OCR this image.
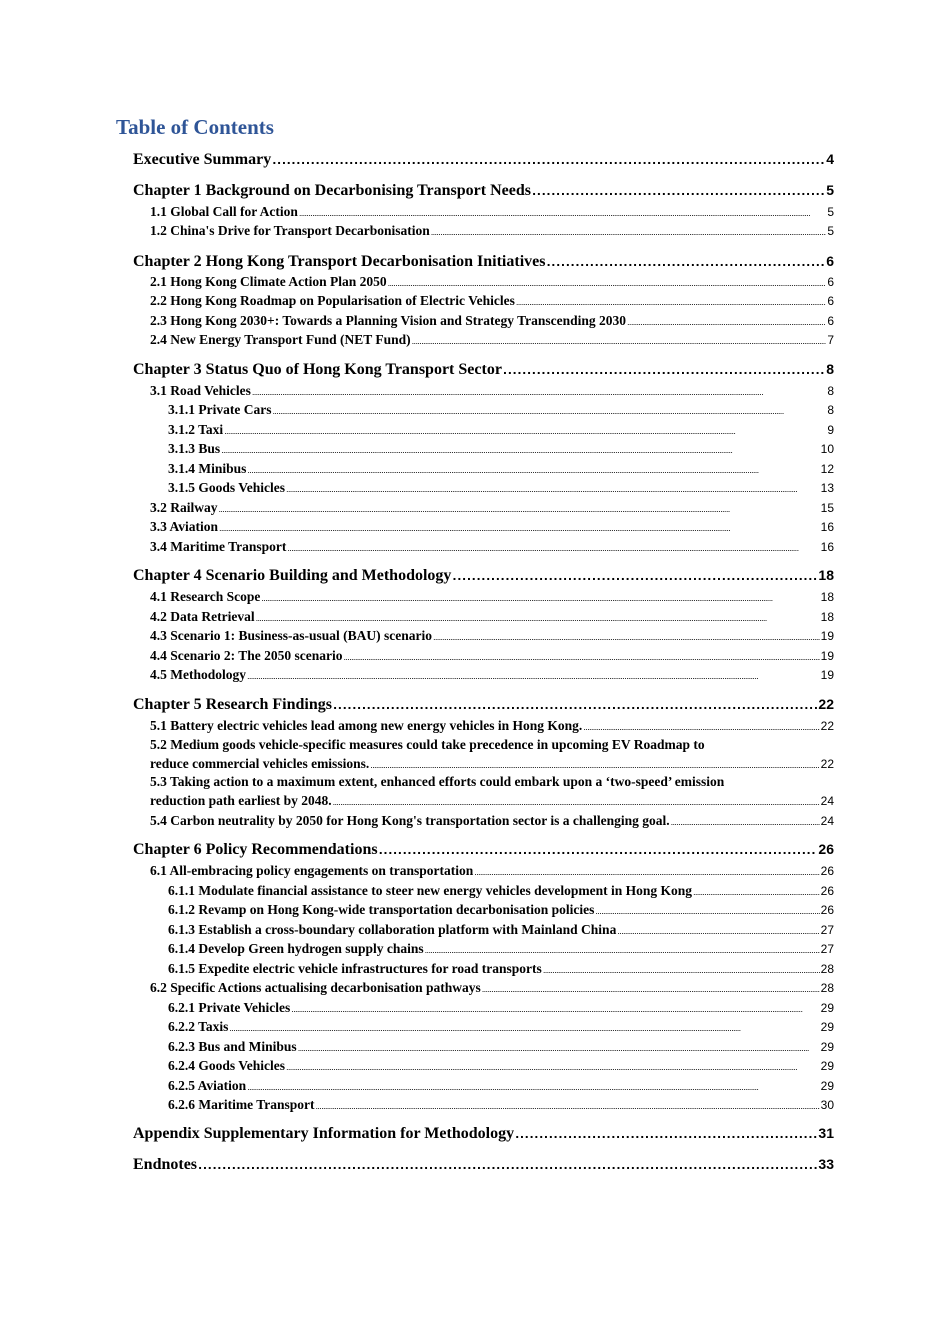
Table of Contents
Executive Summary . . .	4
Chapter 1 Background on Decarbonising Transport Needs . . .	5
1.1 Global Call for Action . . .	5
1.2 China's Drive for Transport Decarbonisation . . .	5
Chapter 2 Hong Kong Transport Decarbonisation Initiatives . . .	6
2.1 Hong Kong Climate Action Plan 2050 . . .	6
2.2 Hong Kong Roadmap on Popularisation of Electric Vehicles . . .	6
2.3 Hong Kong 2030+: Towards a Planning Vision and Strategy Transcending 2030 . . .	6
2.4 New Energy Transport Fund (NET Fund) . . .	7
Chapter 3 Status Quo of Hong Kong Transport Sector . . .	8
3.1 Road Vehicles . . .	8
3.1.1 Private Cars . . .	8
3.1.2 Taxi . . .	9
3.1.3 Bus . . .	10
3.1.4 Minibus . . .	12
3.1.5 Goods Vehicles . . .	13
3.2 Railway . . .	15
3.3 Aviation . . .	16
3.4 Maritime Transport . . .	16
Chapter 4 Scenario Building and Methodology . . .	18
4.1 Research Scope . . .	18
4.2 Data Retrieval . . .	18
4.3 Scenario 1: Business-as-usual (BAU) scenario . . .	19
4.4 Scenario 2: The 2050 scenario . . .	19
4.5 Methodology . . .	19
Chapter 5 Research Findings . . .	22
5.1 Battery electric vehicles lead among new energy vehicles in Hong Kong. . . .	22
5.2 Medium goods vehicle-specific measures could take precedence in upcoming EV Roadmap to
reduce commercial vehicles emissions. . . .	22
5.3 Taking action to a maximum extent, enhanced efforts could embark upon a ‘two-speed’ emission
reduction path earliest by 2048. . . .	24
5.4 Carbon neutrality by 2050 for Hong Kong's transportation sector is a challenging goal. . . .	24
Chapter 6 Policy Recommendations . . .	26
6.1 All-embracing policy engagements on transportation . . .	26
6.1.1 Modulate financial assistance to steer new energy vehicles development in Hong Kong . . .	26
6.1.2 Revamp on Hong Kong-wide transportation decarbonisation policies . . .	26
6.1.3 Establish a cross-boundary collaboration platform with Mainland China . . .	27
6.1.4 Develop Green hydrogen supply chains . . .	27
6.1.5 Expedite electric vehicle infrastructures for road transports . . .	28
6.2 Specific Actions actualising decarbonisation pathways . . .	28
6.2.1 Private Vehicles . . .	29
6.2.2 Taxis . . .	29
6.2.3 Bus and Minibus . . .	29
6.2.4 Goods Vehicles . . .	29
6.2.5 Aviation . . .	29
6.2.6 Maritime Transport . . .	30
Appendix Supplementary Information for Methodology . . .	31
Endnotes . . .	33
